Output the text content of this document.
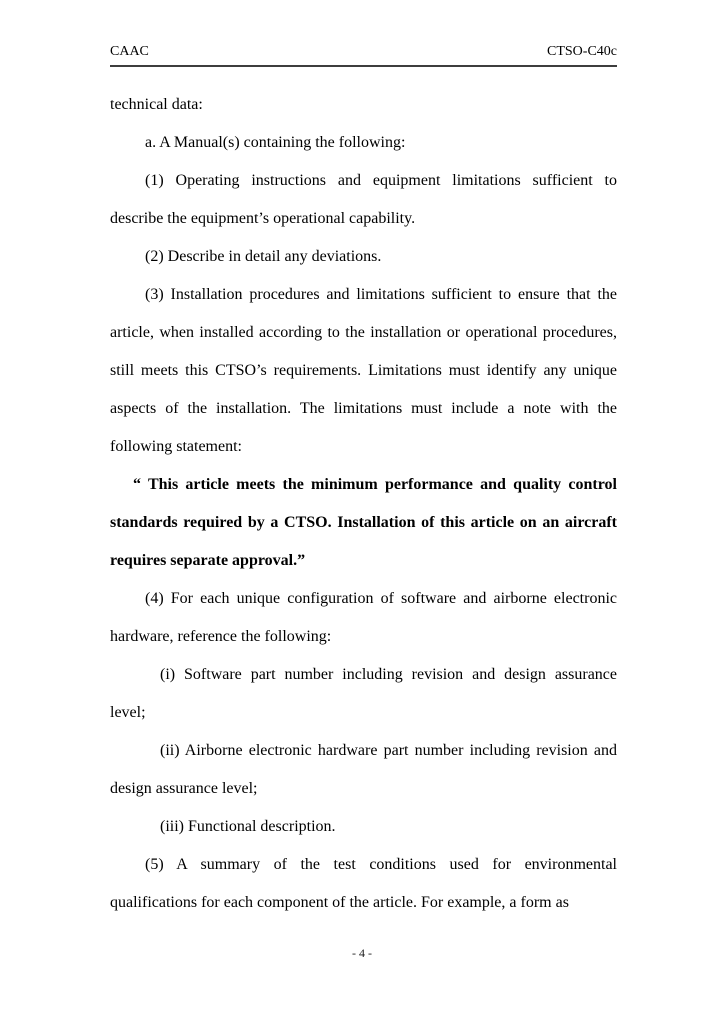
CAAC	CTSO-C40c

technical data:

a. A Manual(s) containing the following:

(1) Operating instructions and equipment limitations sufficient to describe the equipment’s operational capability.

(2) Describe in detail any deviations.

(3) Installation procedures and limitations sufficient to ensure that the article, when installed according to the installation or operational procedures, still meets this CTSO’s requirements. Limitations must identify any unique aspects of the installation. The limitations must include a note with the following statement:

“ This article meets the minimum performance and quality control standards required by a CTSO. Installation of this article on an aircraft requires separate approval.”

(4) For each unique configuration of software and airborne electronic hardware, reference the following:

(i) Software part number including revision and design assurance level;

(ii) Airborne electronic hardware part number including revision and design assurance level;

(iii) Functional description.

(5) A summary of the test conditions used for environmental qualifications for each component of the article. For example, a form as

- 4 -
